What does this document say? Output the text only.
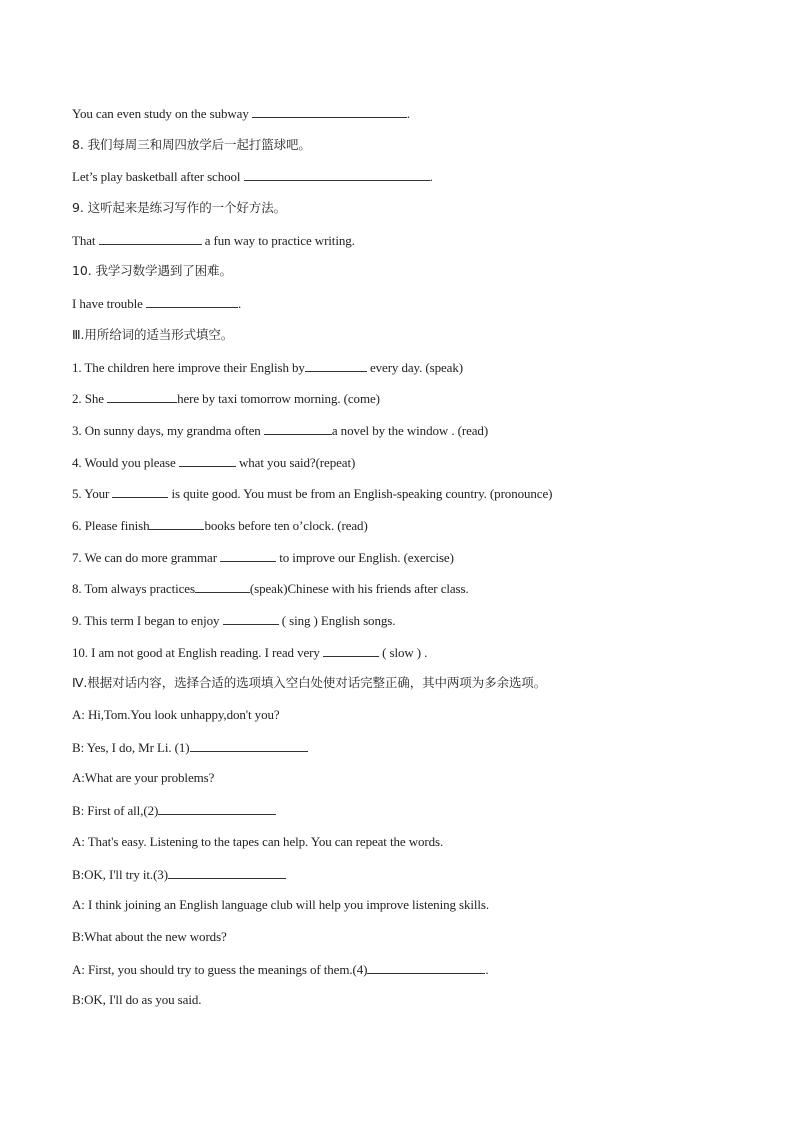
You can even study on the subway	.
8. 我们每周三和周四放学后一起打篮球吧。
Let’s play basketball after school	.
9. 这听起来是练习写作的一个好方法。
That	a fun way to practice writing.
10. 我学习数学遇到了困难。
I have trouble	.
Ⅲ.用所给词的适当形式填空。
1. The children here improve their English by	every day. (speak)
2. She	here by taxi tomorrow morning. (come)
3. On sunny days, my grandma often	a novel by the window . (read)
4. Would you please	what you said?(repeat)
5. Your	is quite good. You must be from an English-speaking country. (pronounce)
6. Please finish	books before ten o’clock. (read)
7. We can do more grammar	to improve our English. (exercise)
8. Tom always practices	(speak)Chinese with his friends after class.
9. This term I began to enjoy	( sing ) English songs.
10. I am not good at English reading. I read very	( slow ) .
Ⅳ.根据对话内容，选择合适的选项填入空白处使对话完整正确，其中两项为多余选项。
A: Hi,Tom.You look unhappy,don't you?
B: Yes, I do, Mr Li. (1)
A:What are your problems?
B: First of all,(2)
A: That's easy. Listening to the tapes can help. You can repeat the words.
B:OK, I'll try it.(3)
A: I think joining an English language club will help you improve listening skills.
B:What about the new words?
A: First, you should try to guess the meanings of them.(4)	.
B:OK, I'll do as you said.
